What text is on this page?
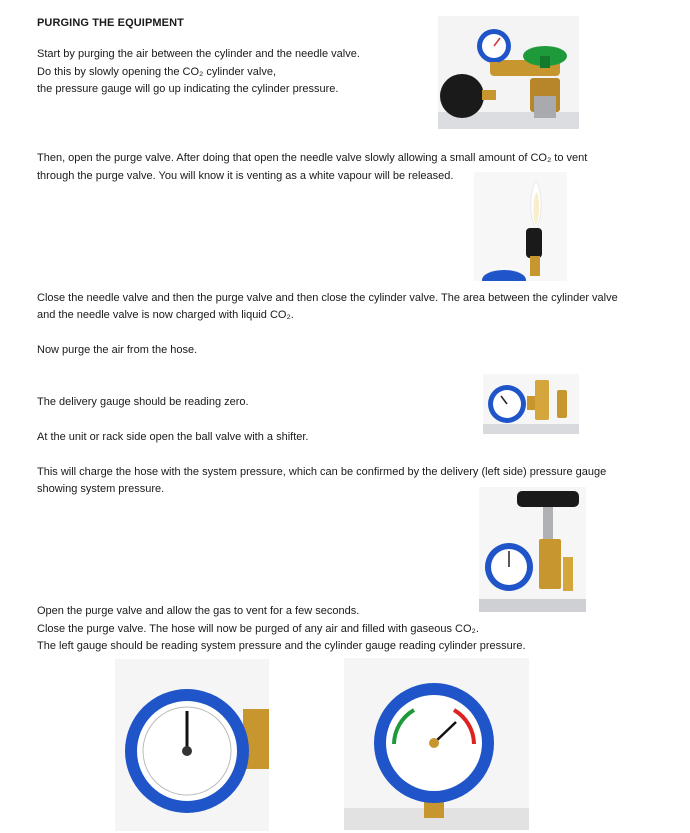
PURGING THE EQUIPMENT
Start by purging the air between the cylinder and the needle valve.
Do this by slowly opening the CO₂ cylinder valve,
the pressure gauge will go up indicating the cylinder pressure.
Then, open the purge valve. After doing that open the needle valve slowly allowing a small amount of CO₂ to vent
through the purge valve. You will know it is venting as a white vapour will be released.
Close the needle valve and then the purge valve and then close the cylinder valve. The area between the cylinder valve
and the needle valve is now charged with liquid CO₂.
Now purge the air from the hose.
The delivery gauge should be reading zero.
At the unit or rack side open the ball valve with a shifter.
This will charge the hose with the system pressure, which can be confirmed by the delivery (left side) pressure gauge
showing system pressure.
Open the purge valve and allow the gas to vent for a few seconds.
Close the purge valve. The hose will now be purged of any air and filled with gaseous CO₂.
The left gauge should be reading system pressure and the cylinder gauge reading cylinder pressure.
